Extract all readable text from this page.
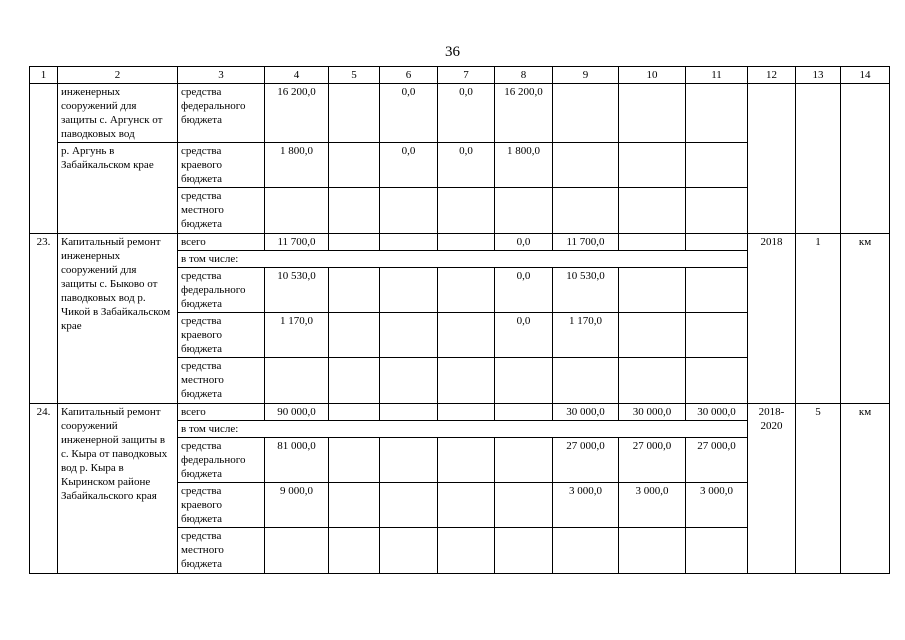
36
1	2	3	4	5	6	7	8	9	10	11	12	13	14
	инженерных сооружений для защиты с. Аргунск от паводковых вод	средства федерального бюджета	16 200,0		0,0	0,0	16 200,0						
	р. Аргунь в Забайкальском крае	средства краевого бюджета	1 800,0		0,0	0,0	1 800,0						
		средства местного бюджета											
23.	Капитальный ремонт инженерных сооружений для защиты с. Быково от паводковых вод р. Чикой в Забайкальском крае	всего	11 700,0				0,0	11 700,0			2018	1	км
		в том числе:											
		средства федерального бюджета	10 530,0				0,0	10 530,0					
		средства краевого бюджета	1 170,0				0,0	1 170,0					
		средства местного бюджета											
24.	Капитальный ремонт сооружений инженерной защиты в с. Кыра от паводковых вод р. Кыра в Кыринском районе Забайкальского края	всего	90 000,0					30 000,0	30 000,0	30 000,0	2018-2020	5	км
		в том числе:											
		средства федерального бюджета	81 000,0					27 000,0	27 000,0	27 000,0			
		средства краевого бюджета	9 000,0					3 000,0	3 000,0	3 000,0			
		средства местного бюджета											
